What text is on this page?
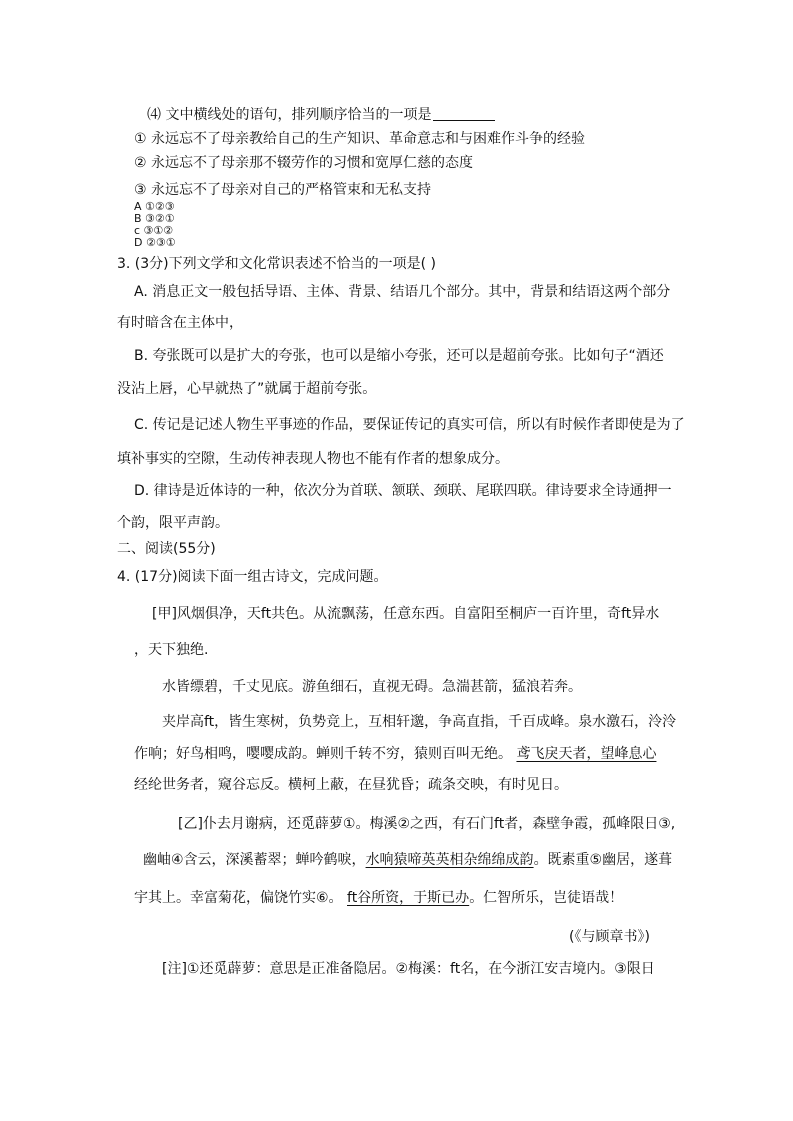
⑷ 文中横线处的语句，排列顺序恰当的一项是
① 永远忘不了母亲教给自己的生产知识、革命意志和与困难作斗争的经验
② 永远忘不了母亲那不辍劳作的习惯和宽厚仁慈的态度
③ 永远忘不了母亲对自己的严格管束和无私支持
A ①②③
B ③②①
c ③①②
D ②③①
3. (3分)下列文学和文化常识表述不恰当的一项是( )
A. 消息正文一般包括导语、主体、背景、结语几个部分。其中，背景和结语这两个部分
有时暗含在主体中，
B. 夸张既可以是扩大的夸张，也可以是缩小夸张，还可以是超前夸张。比如句子“酒还
没沾上唇，心早就热了”就属于超前夸张。
C. 传记是记述人物生平事迹的作品，要保证传记的真实可信，所以有时候作者即使是为了
填补事实的空隙，生动传神表现人物也不能有作者的想象成分。
D. 律诗是近体诗的一种，依次分为首联、颔联、颈联、尾联四联。律诗要求全诗通押一
个韵，限平声韵。
二、阅读(55分)
4. (17分)阅读下面一组古诗文，完成问题。
[甲]风烟俱净，天ft共色。从流飘荡，任意东西。自富阳至桐庐一百许里，奇ft异水
，天下独绝.
水皆缥碧，千丈见底。游鱼细石，直视无碍。急湍甚箭，猛浪若奔。
夹岸高ft，皆生寒树，负势竞上，互相轩邈，争高直指，千百成峰。泉水激石，泠泠
作响；好鸟相鸣，嘤嘤成韵。蝉则千转不穷，猿则百叫无绝。 鸢飞戾天者，望峰息心
经纶世务者，窥谷忘反。横柯上蔽，在昼犹昏；疏条交映，有时见日。
[乙]仆去月谢病，还觅薜萝①。梅溪②之西，有石门ft者，森壁争霞，孤峰限日③,
幽岫④含云，深溪蓄翠；蝉吟鹤唳，水响猿啼英英相杂绵绵成韵。既素重⑤幽居，遂葺
宇其上。幸富菊花，偏饶竹实⑥。 ft谷所资，于斯已办。仁智所乐，岂徒语哉！
(《与顾章书》)
[注]①还觅薜萝：意思是正准备隐居。②梅溪：ft名，在今浙江安吉境内。③限日
